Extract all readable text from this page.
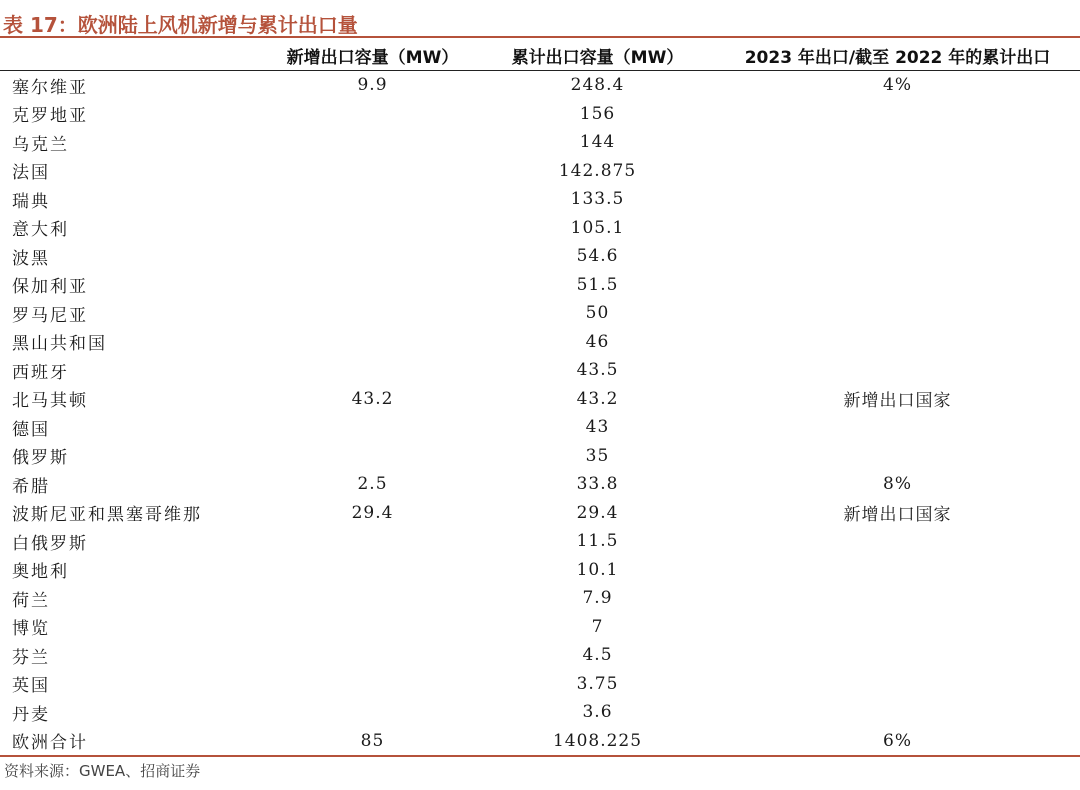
表 17：欧洲陆上风机新增与累计出口量
	新增出口容量（MW）	累计出口容量（MW）	2023 年出口/截至 2022 年的累计出口
塞尔维亚	9.9	248.4	4%
克罗地亚		156	
乌克兰		144	
法国		142.875	
瑞典		133.5	
意大利		105.1	
波黑		54.6	
保加利亚		51.5	
罗马尼亚		50	
黑山共和国		46	
西班牙		43.5	
北马其顿	43.2	43.2	新增出口国家
德国		43	
俄罗斯		35	
希腊	2.5	33.8	8%
波斯尼亚和黑塞哥维那	29.4	29.4	新增出口国家
白俄罗斯		11.5	
奥地利		10.1	
荷兰		7.9	
博览		7	
芬兰		4.5	
英国		3.75	
丹麦		3.6	
欧洲合计	85	1408.225	6%
资料来源：GWEA、招商证券
